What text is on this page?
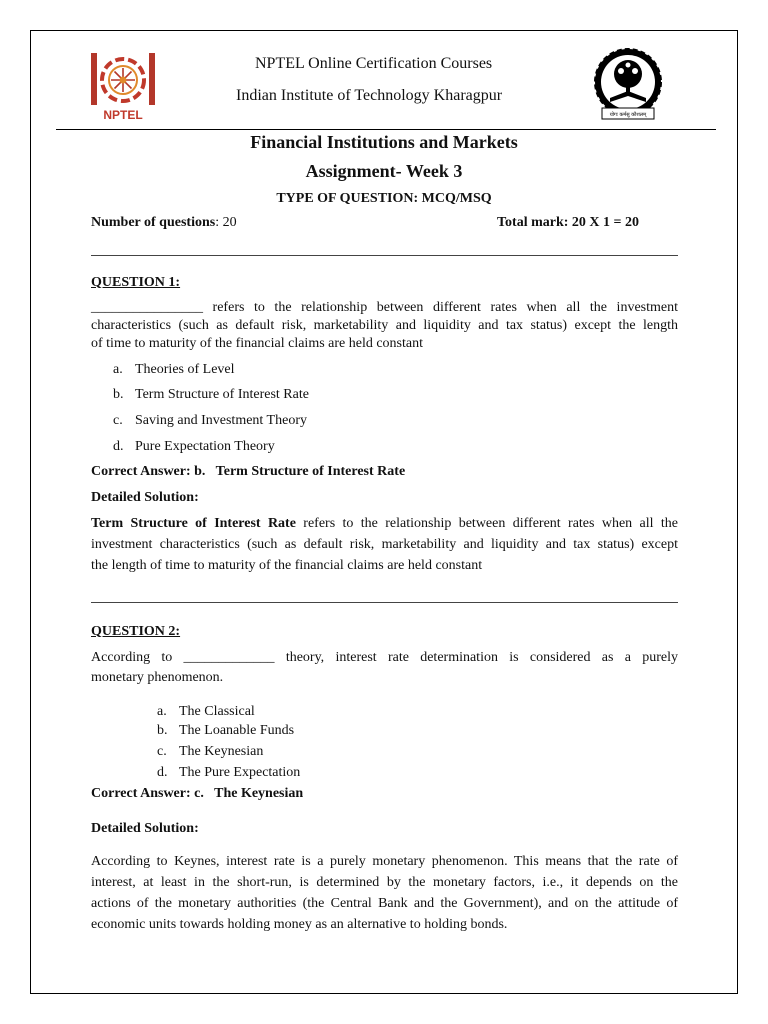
NPTEL	योगः कर्मसु कौशलम्
NPTEL Online Certification Courses
Indian Institute of Technology Kharagpur
Financial Institutions and Markets
Assignment- Week 3
TYPE OF QUESTION: MCQ/MSQ
Number of questions: 20	Total mark: 20 X 1 = 20
QUESTION 1:
________________ refers to the relationship between different rates when all the investment
characteristics (such as default risk, marketability and liquidity and tax status) except the length
of time to maturity of the financial claims are held constant
a. Theories of Level
b. Term Structure of Interest Rate
c. Saving and Investment Theory
d. Pure Expectation Theory
Correct Answer: b.   Term Structure of Interest Rate
Detailed Solution:
Term Structure of Interest Rate refers to the relationship between different rates when all the
investment characteristics (such as default risk, marketability and liquidity and tax status) except
the length of time to maturity of the financial claims are held constant
QUESTION 2:
According to _____________ theory, interest rate determination is considered as a purely
monetary phenomenon.
a. The Classical
b. The Loanable Funds
c. The Keynesian
d. The Pure Expectation
Correct Answer: c.   The Keynesian
Detailed Solution:
According to Keynes, interest rate is a purely monetary phenomenon. This means that the rate of
interest, at least in the short-run, is determined by the monetary factors, i.e., it depends on the
actions of the monetary authorities (the Central Bank and the Government), and on the attitude of
economic units towards holding money as an alternative to holding bonds.
